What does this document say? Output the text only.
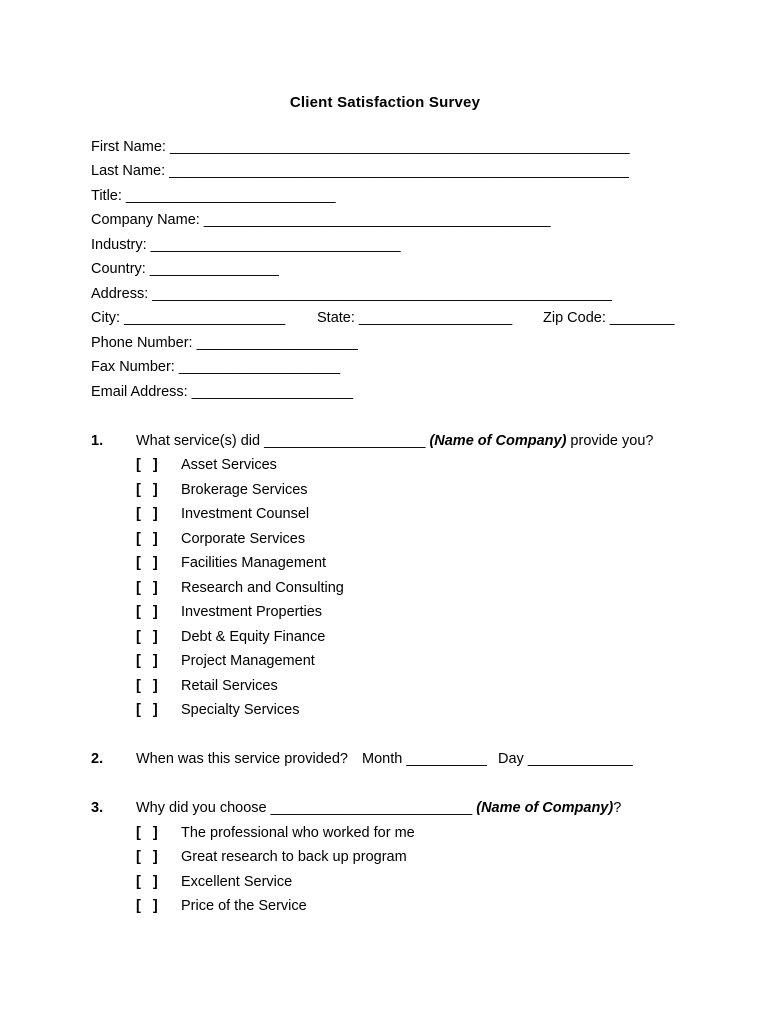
Client Satisfaction Survey
First Name: _________________________________________________________
Last Name: _________________________________________________________
Title: __________________________
Company Name: ___________________________________________
Industry: _______________________________
Country: ________________
Address: _________________________________________________________
City: ____________________ State: ___________________ Zip Code: ________
Phone Number: ____________________
Fax Number: ____________________
Email Address: ____________________
1. What service(s) did ____________________ (Name of Company) provide you?
[   ] Asset Services
[   ] Brokerage Services
[   ] Investment Counsel
[   ] Corporate Services
[   ] Facilities Management
[   ] Research and Consulting
[   ] Investment Properties
[   ] Debt & Equity Finance
[   ] Project Management
[   ] Retail Services
[   ] Specialty Services
2. When was this service provided? Month __________ Day _____________
3. Why did you choose _________________________ (Name of Company)?
[   ] The professional who worked for me
[   ] Great research to back up program
[   ] Excellent Service
[   ] Price of the Service
